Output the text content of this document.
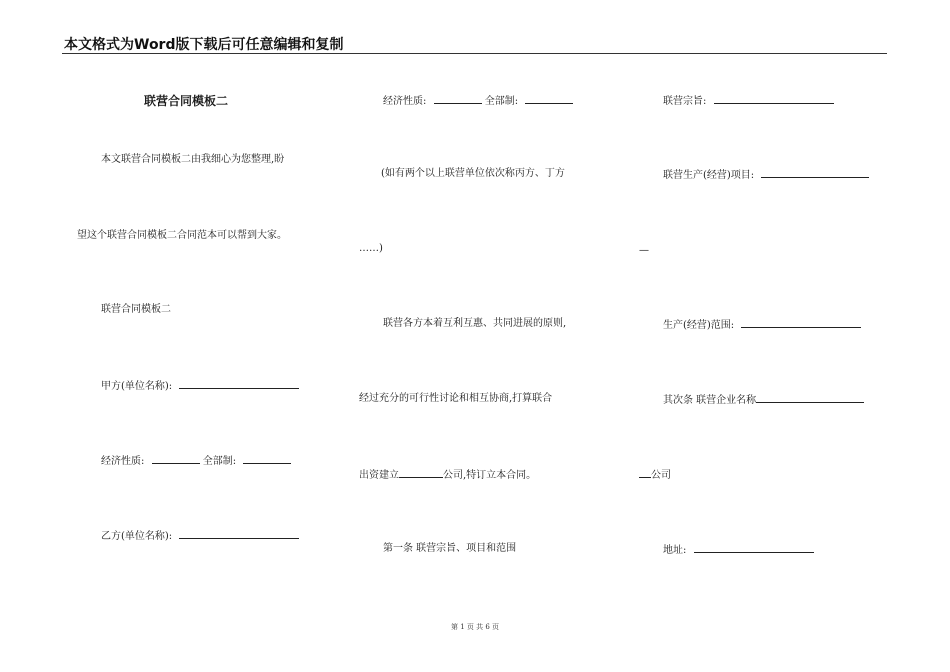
本文格式为Word版下载后可任意编辑和复制
联营合同模板二
本文联营合同模板二由我细心为您整理,盼
望这个联营合同模板二合同范本可以帮到大家。
联营合同模板二
甲方(单位名称):
经济性质:	全部制:
乙方(单位名称):
经济性质:	全部制:
(如有两个以上联营单位依次称丙方、丁方
……)
联营各方本着互利互惠、共同进展的原则,
经过充分的可行性讨论和相互协商,打算联合
出资建立	公司,特订立本合同。
第一条 联营宗旨、项目和范围
联营宗旨:
联营生产(经营)项目:
—
生产(经营)范围:
其次条 联营企业名称
公司
地址:
第 1 页 共 6 页
